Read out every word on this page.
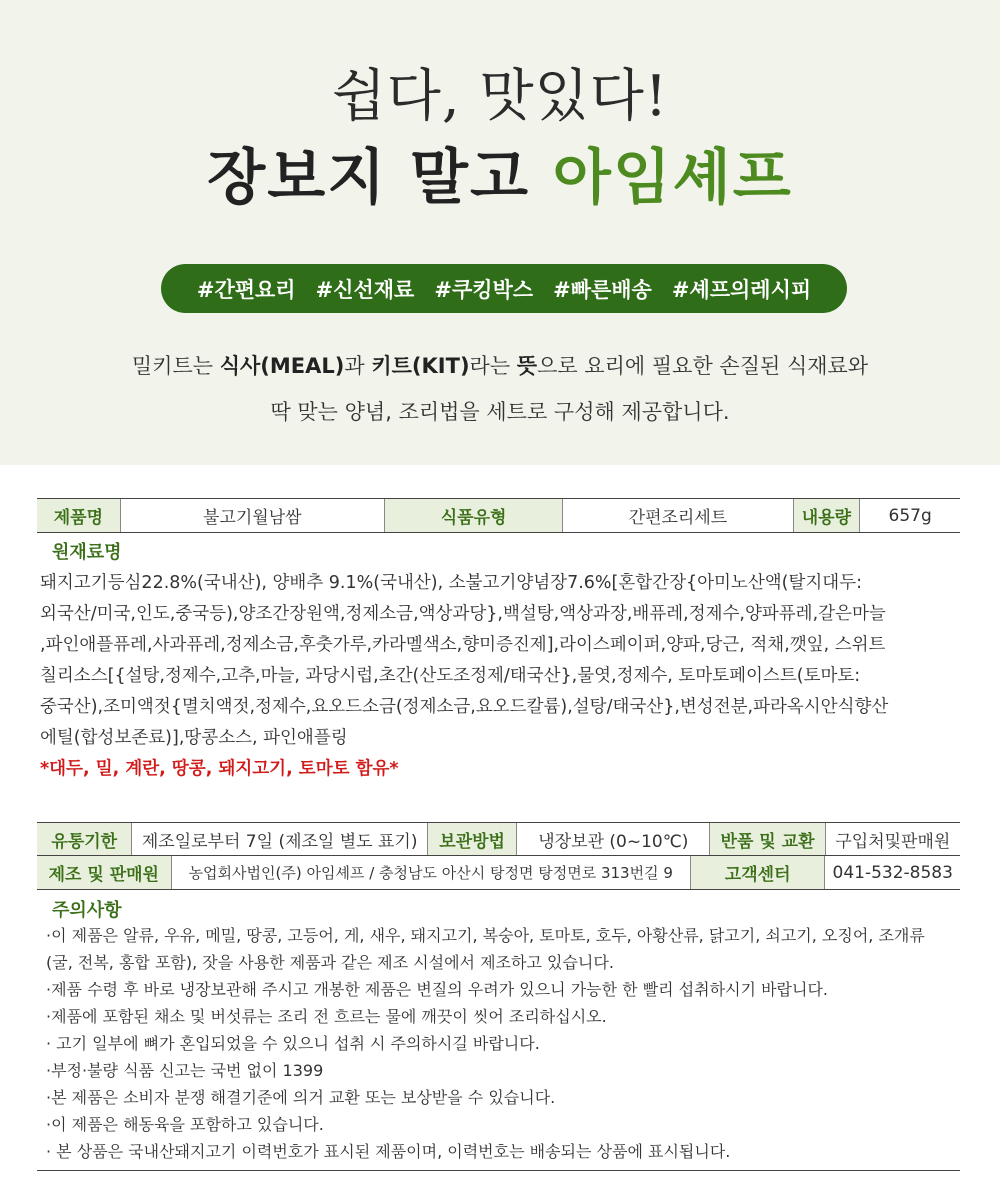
쉽다, 맛있다!
장보지 말고 아임셰프
#간편요리 #신선재료 #쿠킹박스 #빠른배송 #셰프의레시피
밀키트는 식사(MEAL)과 키트(KIT)라는 뜻으로 요리에 필요한 손질된 식재료와
딱 맞는 양념, 조리법을 세트로 구성해 제공합니다.
제품명	불고기월남쌈	식품유형	간편조리세트	내용량	657g
원재료명
돼지고기등심22.8%(국내산), 양배추 9.1%(국내산), 소불고기양념장7.6%[혼합간장{아미노산액(탈지대두:
외국산/미국,인도,중국등),양조간장원액,정제소금,액상과당},백설탕,액상과장,배퓨레,정제수,양파퓨레,갈은마늘
,파인애플퓨레,사과퓨레,정제소금,후춧가루,카라멜색소,향미증진제],라이스페이퍼,양파,당근, 적채,깻잎, 스위트
칠리소스[{설탕,정제수,고추,마늘, 과당시럽,초간(산도조정제/태국산},물엿,정제수, 토마토페이스트(토마토:
중국산),조미액젓{멸치액젓,정제수,요오드소금(정제소금,요오드칼륨),설탕/태국산},변성전분,파라옥시안식향산
에틸(합성보존료)],땅콩소스, 파인애플링
*대두, 밀, 계란, 땅콩, 돼지고기, 토마토 함유*
유통기한	제조일로부터 7일 (제조일 별도 표기)	보관방법	냉장보관 (0~10℃)	반품 및 교환	구입처및판매원
제조 및 판매원	농업회사법인(주) 아임셰프 / 충청남도 아산시 탕정면 탕정면로 313번길 9	고객센터	041-532-8583
주의사항
·이 제품은 알류, 우유, 메밀, 땅콩, 고등어, 게, 새우, 돼지고기, 복숭아, 토마토, 호두, 아황산류, 닭고기, 쇠고기, 오징어, 조개류
(굴, 전복, 홍합 포함), 잣을 사용한 제품과 같은 제조 시설에서 제조하고 있습니다.
·제품 수령 후 바로 냉장보관해 주시고 개봉한 제품은 변질의 우려가 있으니 가능한 한 빨리 섭취하시기 바랍니다.
·제품에 포함된 채소 및 버섯류는 조리 전 흐르는 물에 깨끗이 씻어 조리하십시오.
· 고기 일부에 뼈가 혼입되었을 수 있으니 섭취 시 주의하시길 바랍니다.
·부정·불량 식품 신고는 국번 없이 1399
·본 제품은 소비자 분쟁 해결기준에 의거 교환 또는 보상받을 수 있습니다.
·이 제품은 해동육을 포함하고 있습니다.
· 본 상품은 국내산돼지고기 이력번호가 표시된 제품이며, 이력번호는 배송되는 상품에 표시됩니다.
